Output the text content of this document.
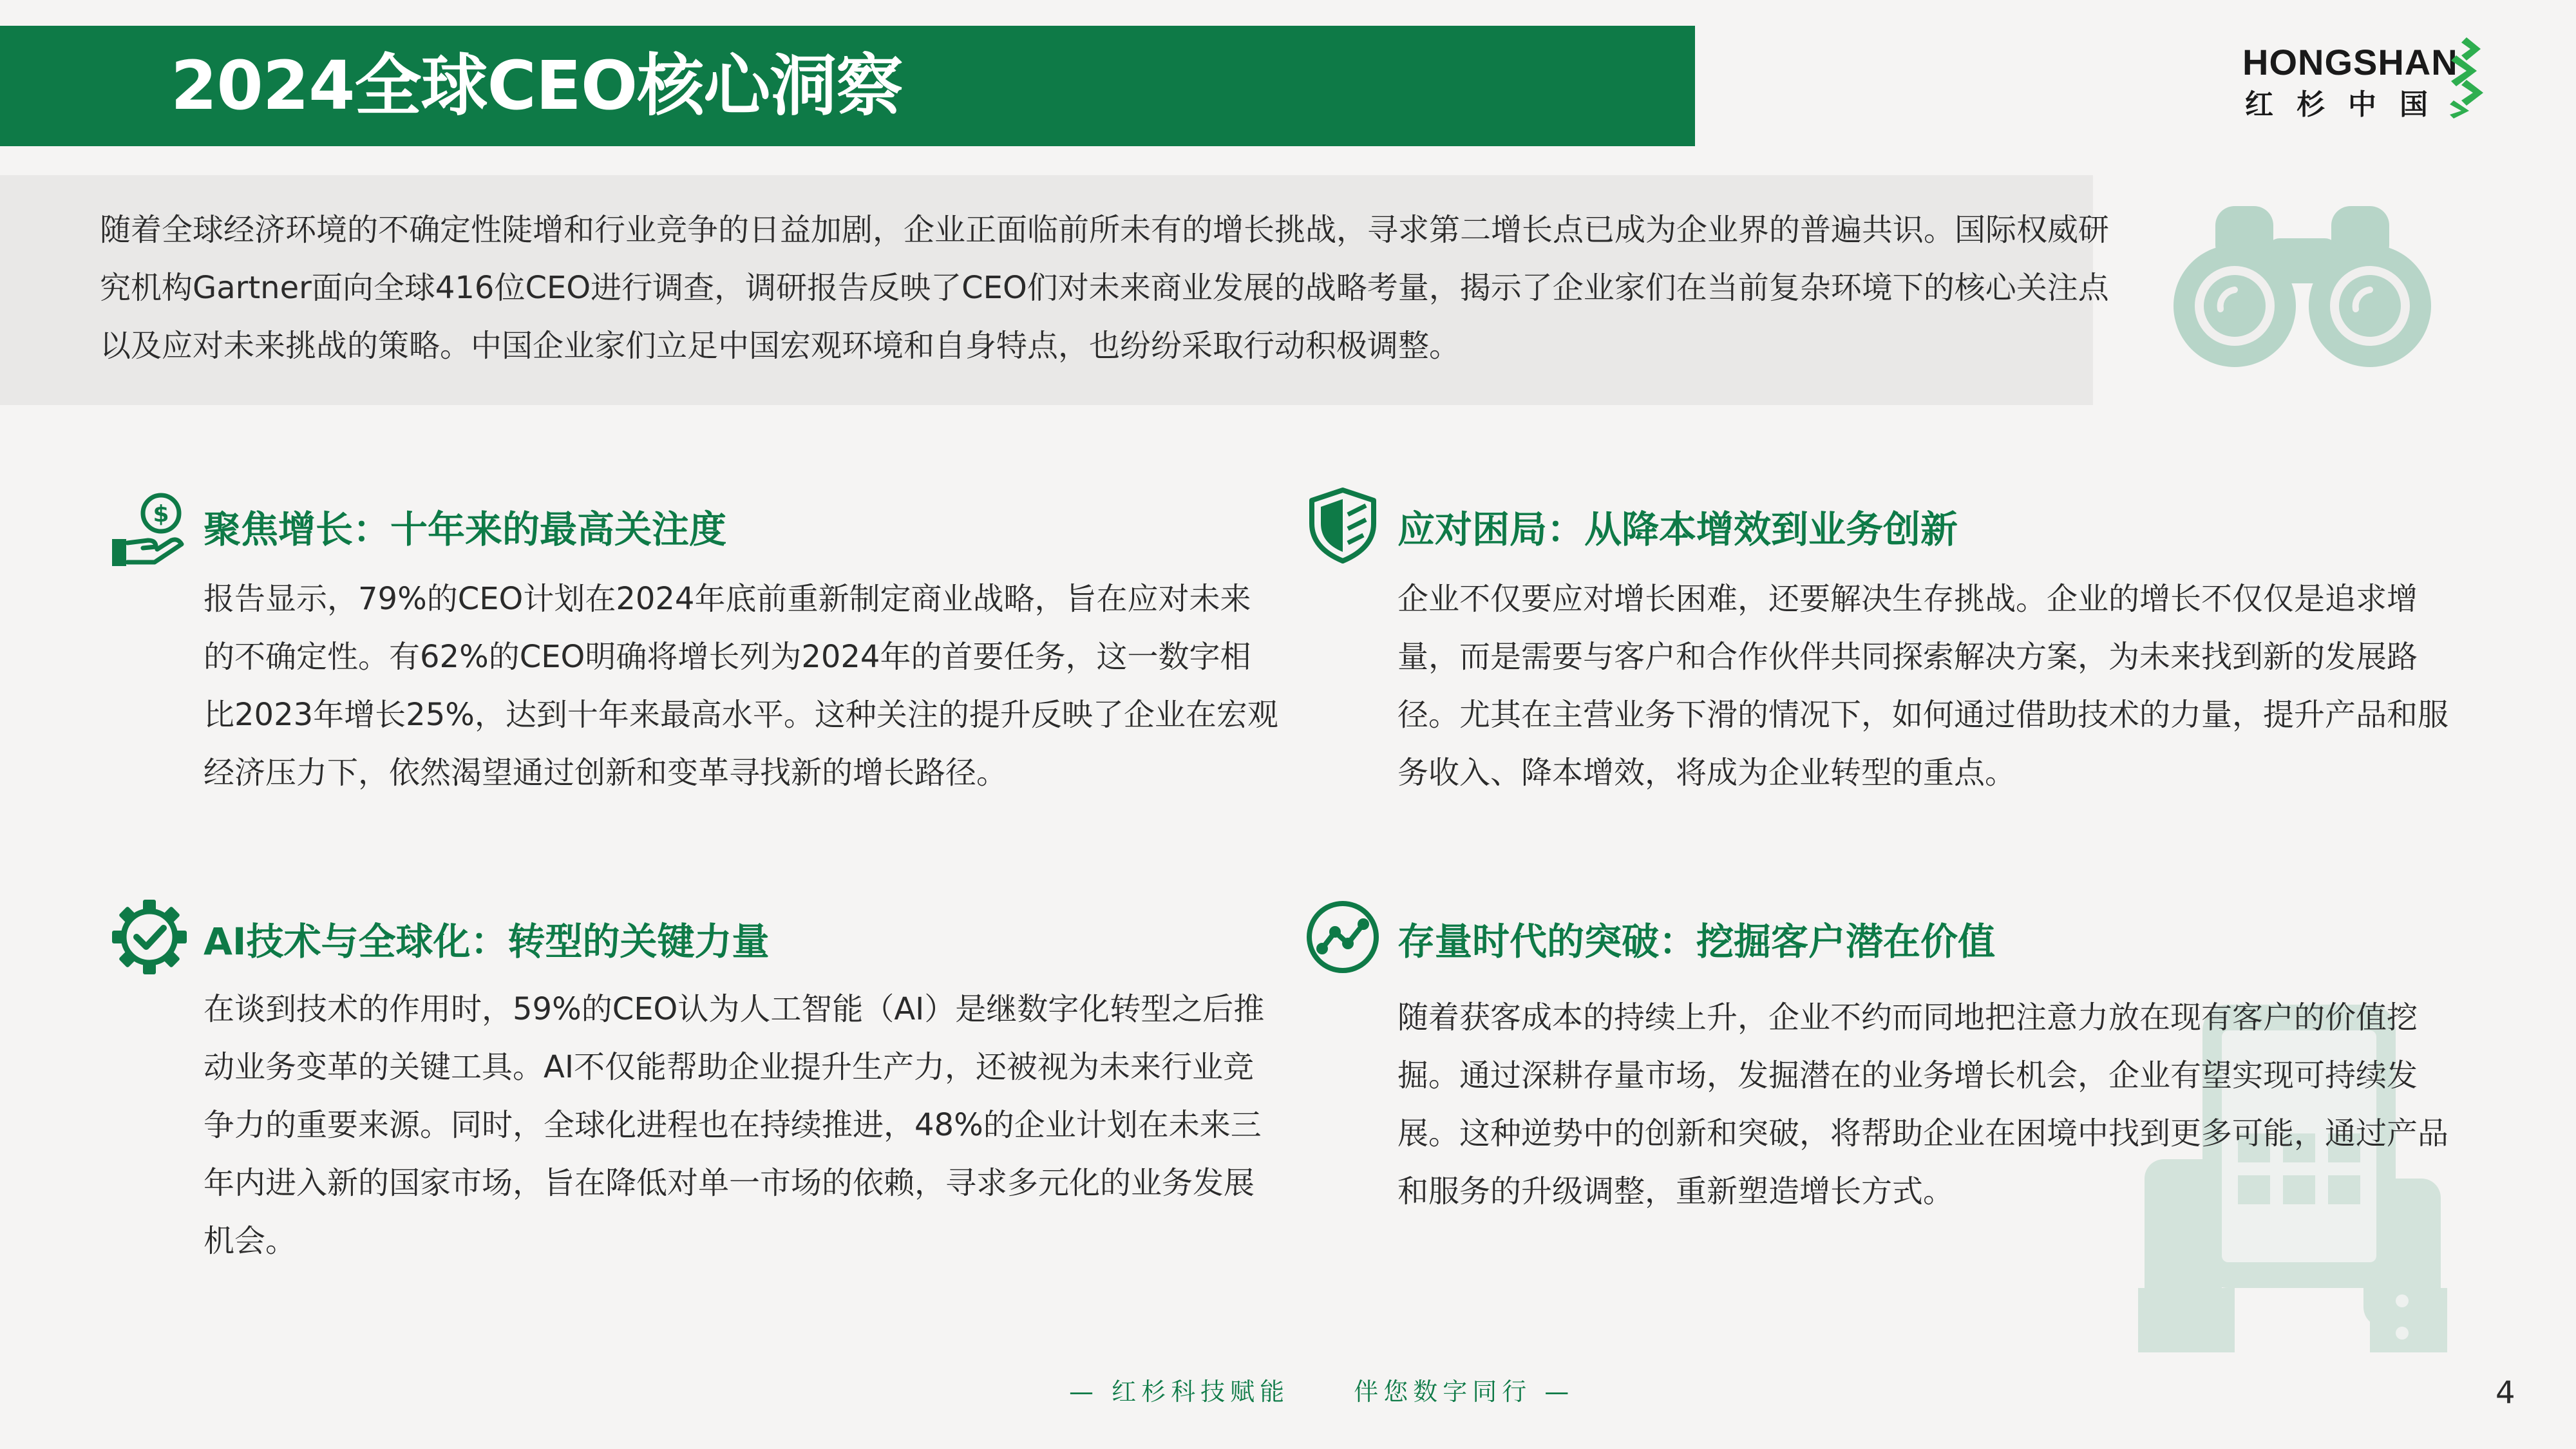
2024全球CEO核心洞察	HONGSHAN
红杉中国

随着全球经济环境的不确定性陡增和行业竞争的日益加剧，企业正面临前所未有的增长挑战，寻求第二增长点已成为企业界的普遍共识。国际权威研究机构Gartner面向全球416位CEO进行调查，调研报告反映了CEO们对未来商业发展的战略考量，揭示了企业家们在当前复杂环境下的核心关注点以及应对未来挑战的策略。中国企业家们立足中国宏观环境和自身特点，也纷纷采取行动积极调整。

$ 聚焦增长：十年来的最高关注度

报告显示，79%的CEO计划在2024年底前重新制定商业战略，旨在应对未来的不确定性。有62%的CEO明确将增长列为2024年的首要任务，这一数字相比2023年增长25%，达到十年来最高水平。这种关注的提升反映了企业在宏观经济压力下，依然渴望通过创新和变革寻找新的增长路径。

应对困局：从降本增效到业务创新

企业不仅要应对增长困难，还要解决生存挑战。企业的增长不仅仅是追求增量，而是需要与客户和合作伙伴共同探索解决方案，为未来找到新的发展路径。尤其在主营业务下滑的情况下，如何通过借助技术的力量，提升产品和服务收入、降本增效，将成为企业转型的重点。

AI技术与全球化：转型的关键力量

在谈到技术的作用时，59%的CEO认为人工智能（AI）是继数字化转型之后推动业务变革的关键工具。AI不仅能帮助企业提升生产力，还被视为未来行业竞争力的重要来源。同时，全球化进程也在持续推进，48%的企业计划在未来三年内进入新的国家市场，旨在降低对单一市场的依赖，寻求多元化的业务发展机会。

存量时代的突破：挖掘客户潜在价值

随着获客成本的持续上升，企业不约而同地把注意力放在现有客户的价值挖掘。通过深耕存量市场，发掘潜在的业务增长机会，企业有望实现可持续发展。这种逆势中的创新和突破，将帮助企业在困境中找到更多可能，通过产品和服务的升级调整，重新塑造增长方式。

— 红杉科技赋能	伴您数字同行 —	4
